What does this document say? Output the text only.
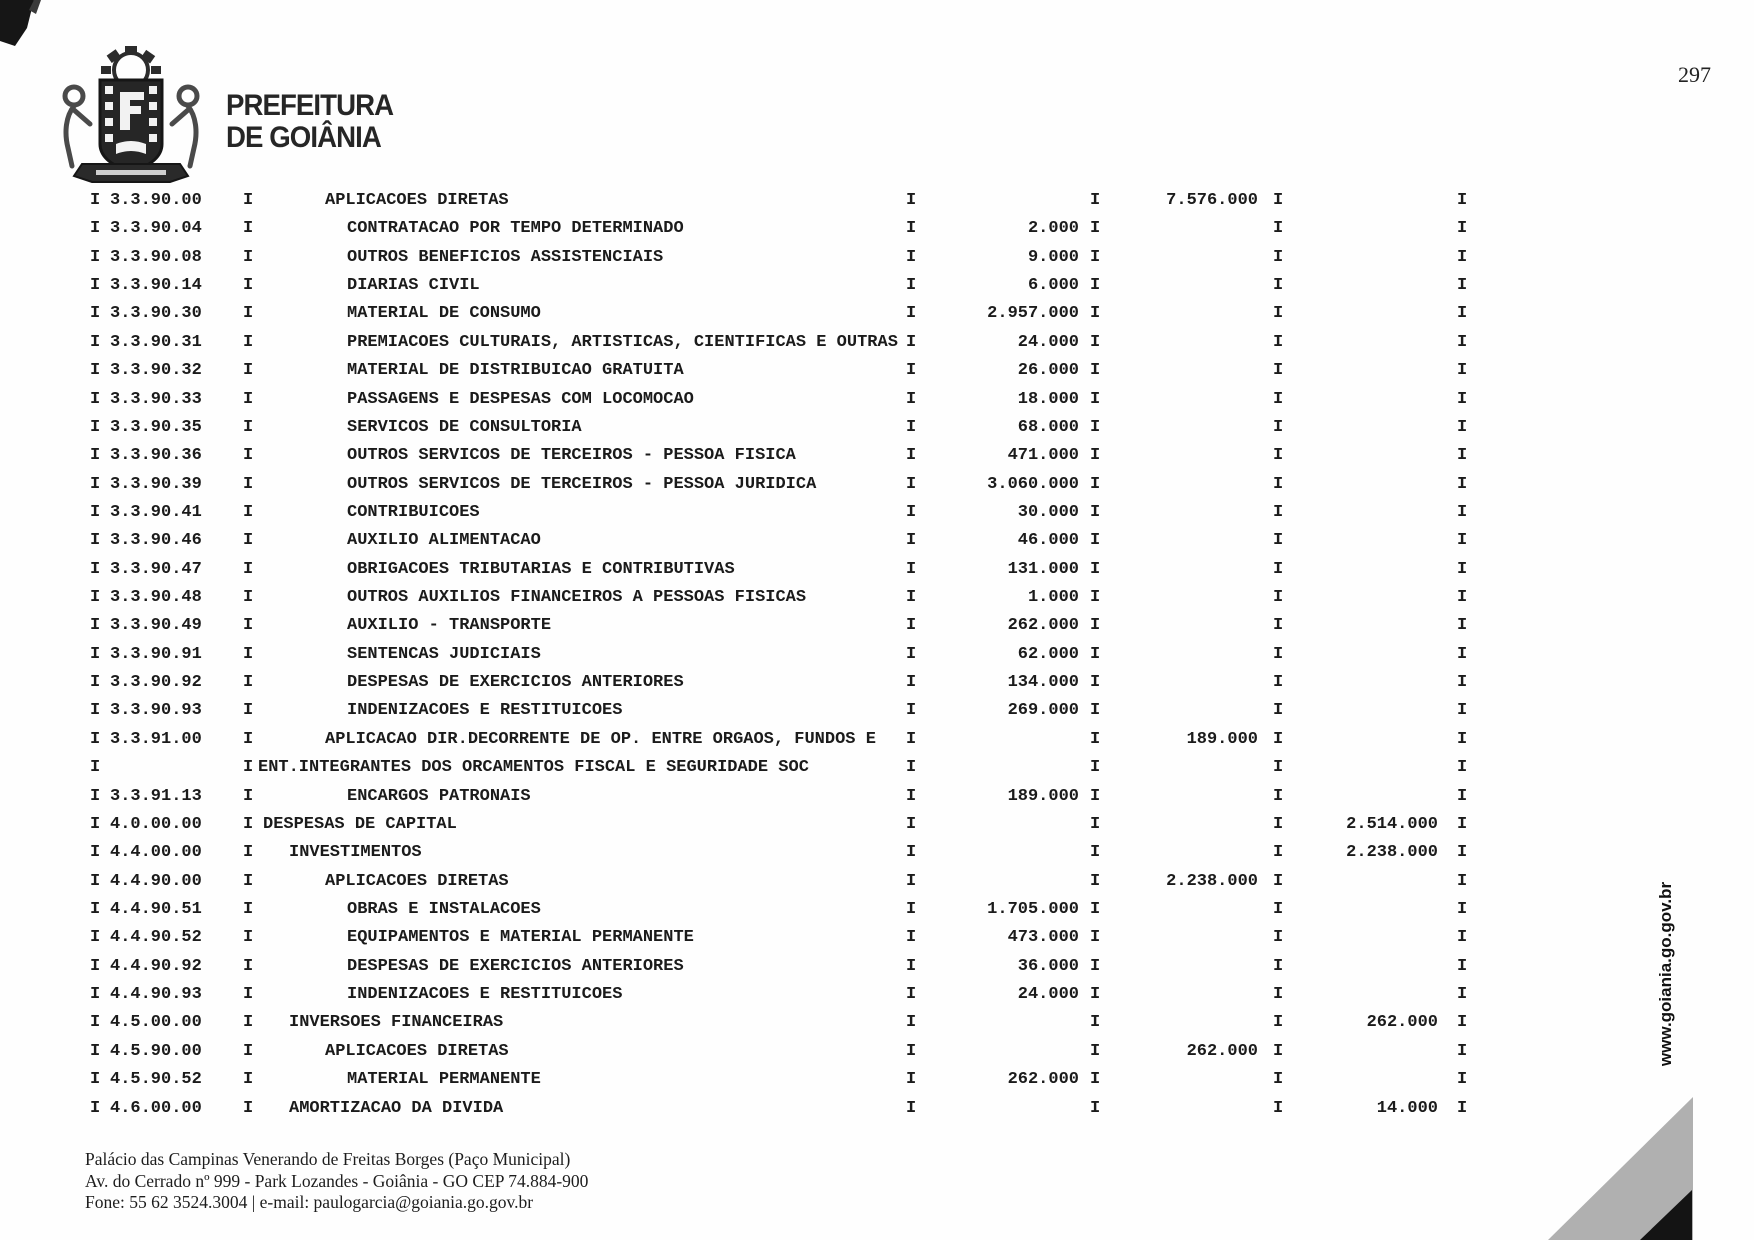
PREFEITURA
DE GOIÂNIA
297
I 3.3.90.00 I	APLICACOES DIRETAS	I	I	7.576.000 I	I
I 3.3.90.04 I	CONTRATACAO POR TEMPO DETERMINADO	I	2.000 I	I	I
I 3.3.90.08 I	OUTROS BENEFICIOS ASSISTENCIAIS	I	9.000 I	I	I
I 3.3.90.14 I	DIARIAS CIVIL	I	6.000 I	I	I
I 3.3.90.30 I	MATERIAL DE CONSUMO	I	2.957.000 I	I	I
I 3.3.90.31 I	PREMIACOES CULTURAIS, ARTISTICAS, CIENTIFICAS E OUTRAS I	24.000 I	I	I
I 3.3.90.32 I	MATERIAL DE DISTRIBUICAO GRATUITA	I	26.000 I	I	I
I 3.3.90.33 I	PASSAGENS E DESPESAS COM LOCOMOCAO	I	18.000 I	I	I
I 3.3.90.35 I	SERVICOS DE CONSULTORIA	I	68.000 I	I	I
I 3.3.90.36 I	OUTROS SERVICOS DE TERCEIROS - PESSOA FISICA	I	471.000 I	I	I
I 3.3.90.39 I	OUTROS SERVICOS DE TERCEIROS - PESSOA JURIDICA	I	3.060.000 I	I	I
I 3.3.90.41 I	CONTRIBUICOES	I	30.000 I	I	I
I 3.3.90.46 I	AUXILIO ALIMENTACAO	I	46.000 I	I	I
I 3.3.90.47 I	OBRIGACOES TRIBUTARIAS E CONTRIBUTIVAS	I	131.000 I	I	I
I 3.3.90.48 I	OUTROS AUXILIOS FINANCEIROS A PESSOAS FISICAS	I	1.000 I	I	I
I 3.3.90.49 I	AUXILIO - TRANSPORTE	I	262.000 I	I	I
I 3.3.90.91 I	SENTENCAS JUDICIAIS	I	62.000 I	I	I
I 3.3.90.92 I	DESPESAS DE EXERCICIOS ANTERIORES	I	134.000 I	I	I
I 3.3.90.93 I	INDENIZACOES E RESTITUICOES	I	269.000 I	I	I
I 3.3.91.00 I	APLICACAO DIR.DECORRENTE DE OP. ENTRE ORGAOS, FUNDOS E I	I	189.000 I	I
I	I ENT.INTEGRANTES DOS ORCAMENTOS FISCAL E SEGURIDADE SOC	I	I	I	I
I 3.3.91.13 I	ENCARGOS PATRONAIS	I	189.000 I	I	I
I 4.0.00.00 I DESPESAS DE CAPITAL	I	I	I	2.514.000 I
I 4.4.00.00 I INVESTIMENTOS	I	I	I	2.238.000 I
I 4.4.90.00 I	APLICACOES DIRETAS	I	I	2.238.000 I	I
I 4.4.90.51 I	OBRAS E INSTALACOES	I	1.705.000 I	I	I
I 4.4.90.52 I	EQUIPAMENTOS E MATERIAL PERMANENTE	I	473.000 I	I	I
I 4.4.90.92 I	DESPESAS DE EXERCICIOS ANTERIORES	I	36.000 I	I	I
I 4.4.90.93 I	INDENIZACOES E RESTITUICOES	I	24.000 I	I	I
I 4.5.00.00 I INVERSOES FINANCEIRAS	I	I	I	262.000 I
I 4.5.90.00 I	APLICACOES DIRETAS	I	I	262.000 I	I
I 4.5.90.52 I	MATERIAL PERMANENTE	I	262.000 I	I	I
I 4.6.00.00 I AMORTIZACAO DA DIVIDA	I	I	I	14.000 I
Palácio das Campinas Venerando de Freitas Borges (Paço Municipal)
Av. do Cerrado nº 999 - Park Lozandes - Goiânia - GO CEP 74.884-900
Fone: 55 62 3524.3004 | e-mail: paulogarcia@goiania.go.gov.br
www.goiania.go.gov.br
